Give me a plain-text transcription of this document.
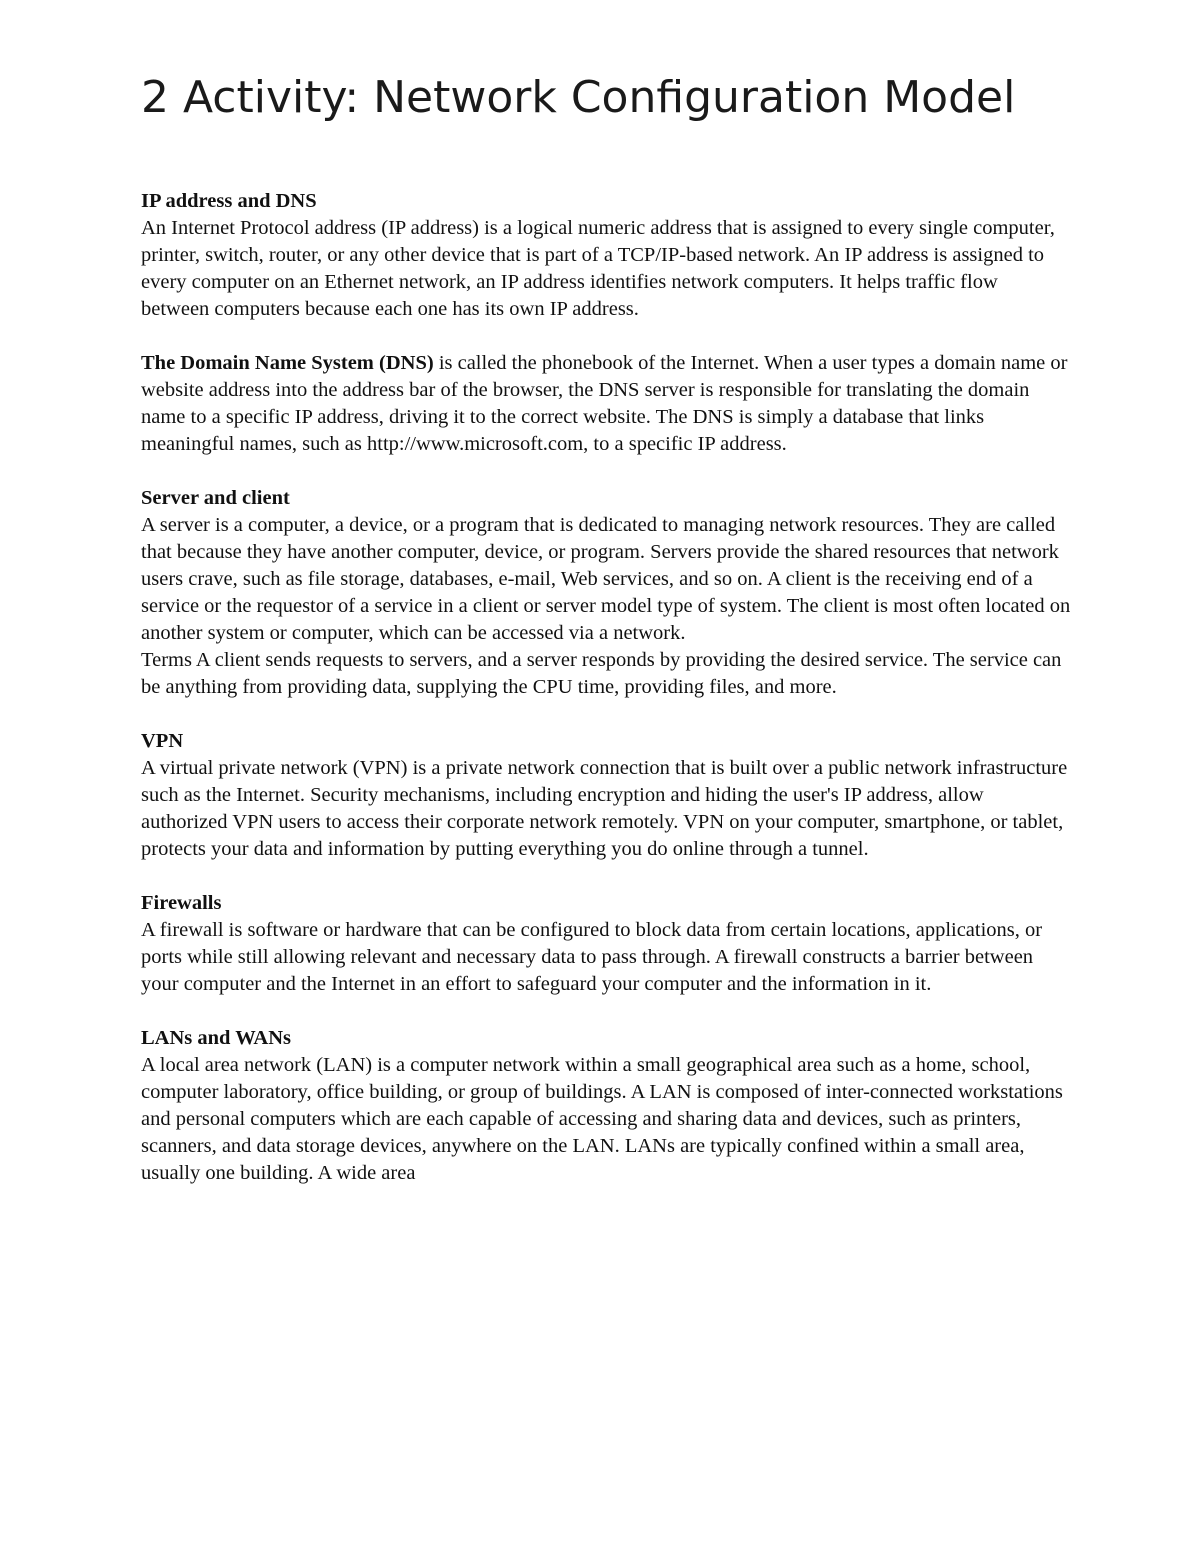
2 Activity: Network Configuration Model
IP address and DNS

An Internet Protocol address (IP address) is a logical numeric address that is assigned to every single computer, printer, switch, router, or any other device that is part of a TCP/IP-based network. An IP address is assigned to every computer on an Ethernet network, an IP address identifies network computers. It helps traffic flow between computers because each one has its own IP address.

The Domain Name System (DNS) is called the phonebook of the Internet. When a user types a domain name or website address into the address bar of the browser, the DNS server is responsible for translating the domain name to a specific IP address, driving it to the correct website. The DNS is simply a database that links meaningful names, such as http://www.microsoft.com, to a specific IP address.

Server and client

A server is a computer, a device, or a program that is dedicated to managing network resources. They are called that because they have another computer, device, or program. Servers provide the shared resources that network users crave, such as file storage, databases, e-mail, Web services, and so on. A client is the receiving end of a service or the requestor of a service in a client or server model type of system. The client is most often located on another system or computer, which can be accessed via a network.

Terms A client sends requests to servers, and a server responds by providing the desired service. The service can be anything from providing data, supplying the CPU time, providing files, and more.

VPN

A virtual private network (VPN) is a private network connection that is built over a public network infrastructure such as the Internet. Security mechanisms, including encryption and hiding the user's IP address, allow authorized VPN users to access their corporate network remotely. VPN on your computer, smartphone, or tablet, protects your data and information by putting everything you do online through a tunnel.

Firewalls

A firewall is software or hardware that can be configured to block data from certain locations, applications, or ports while still allowing relevant and necessary data to pass through. A firewall constructs a barrier between your computer and the Internet in an effort to safeguard your computer and the information in it.

LANs and WANs

A local area network (LAN) is a computer network within a small geographical area such as a home, school, computer laboratory, office building, or group of buildings. A LAN is composed of inter-connected workstations and personal computers which are each capable of accessing and sharing data and devices, such as printers, scanners, and data storage devices, anywhere on the LAN. LANs are typically confined within a small area, usually one building. A wide area
